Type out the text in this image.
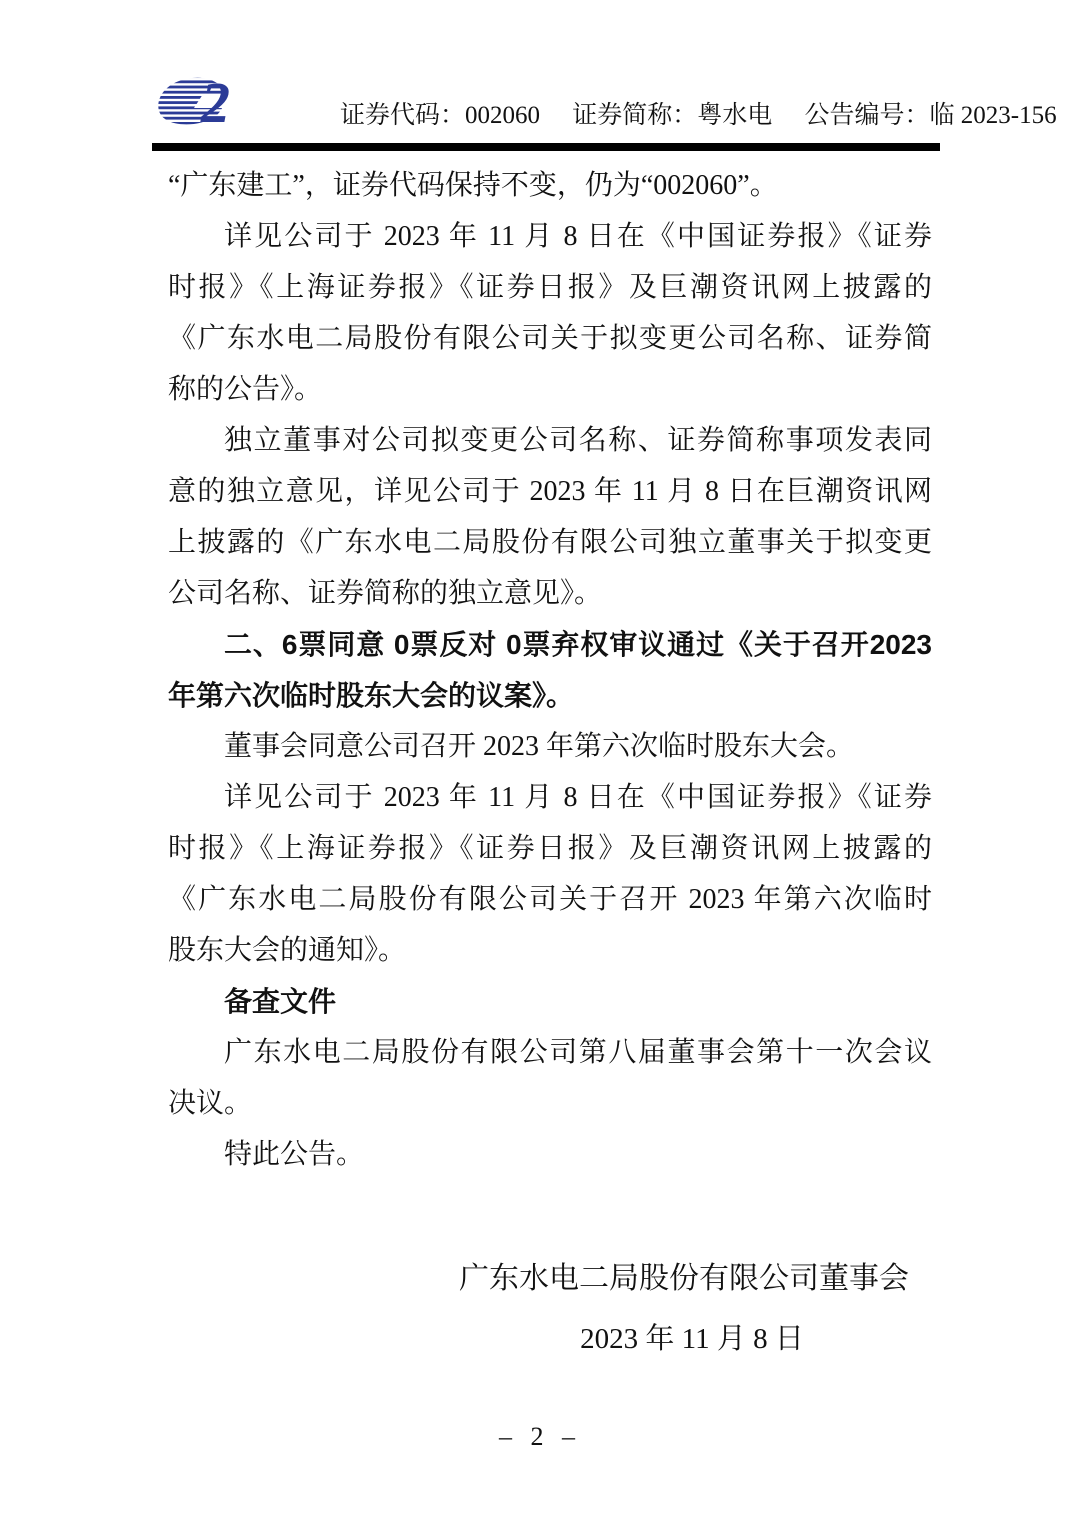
2	证券代码：002060 证券简称：粤水电 公告编号：临 2023-156
“广东建工”，证券代码保持不变，仍为“002060”。
详见公司于 2023 年 11 月 8 日在《中国证券报》《证券
时报》《上海证券报》《证券日报》及巨潮资讯网上披露的
《广东水电二局股份有限公司关于拟变更公司名称、证券简
称的公告》。
独立董事对公司拟变更公司名称、证券简称事项发表同
意的独立意见，详见公司于 2023 年 11 月 8 日在巨潮资讯网
上披露的《广东水电二局股份有限公司独立董事关于拟变更
公司名称、证券简称的独立意见》。
二、6票同意 0票反对 0票弃权审议通过《关于召开2023
年第六次临时股东大会的议案》。
董事会同意公司召开 2023 年第六次临时股东大会。
详见公司于 2023 年 11 月 8 日在《中国证券报》《证券
时报》《上海证券报》《证券日报》及巨潮资讯网上披露的
《广东水电二局股份有限公司关于召开 2023 年第六次临时
股东大会的通知》。
备查文件
广东水电二局股份有限公司第八届董事会第十一次会议
决议。
特此公告。
广东水电二局股份有限公司董事会
2023 年 11 月 8 日
– 2 –
